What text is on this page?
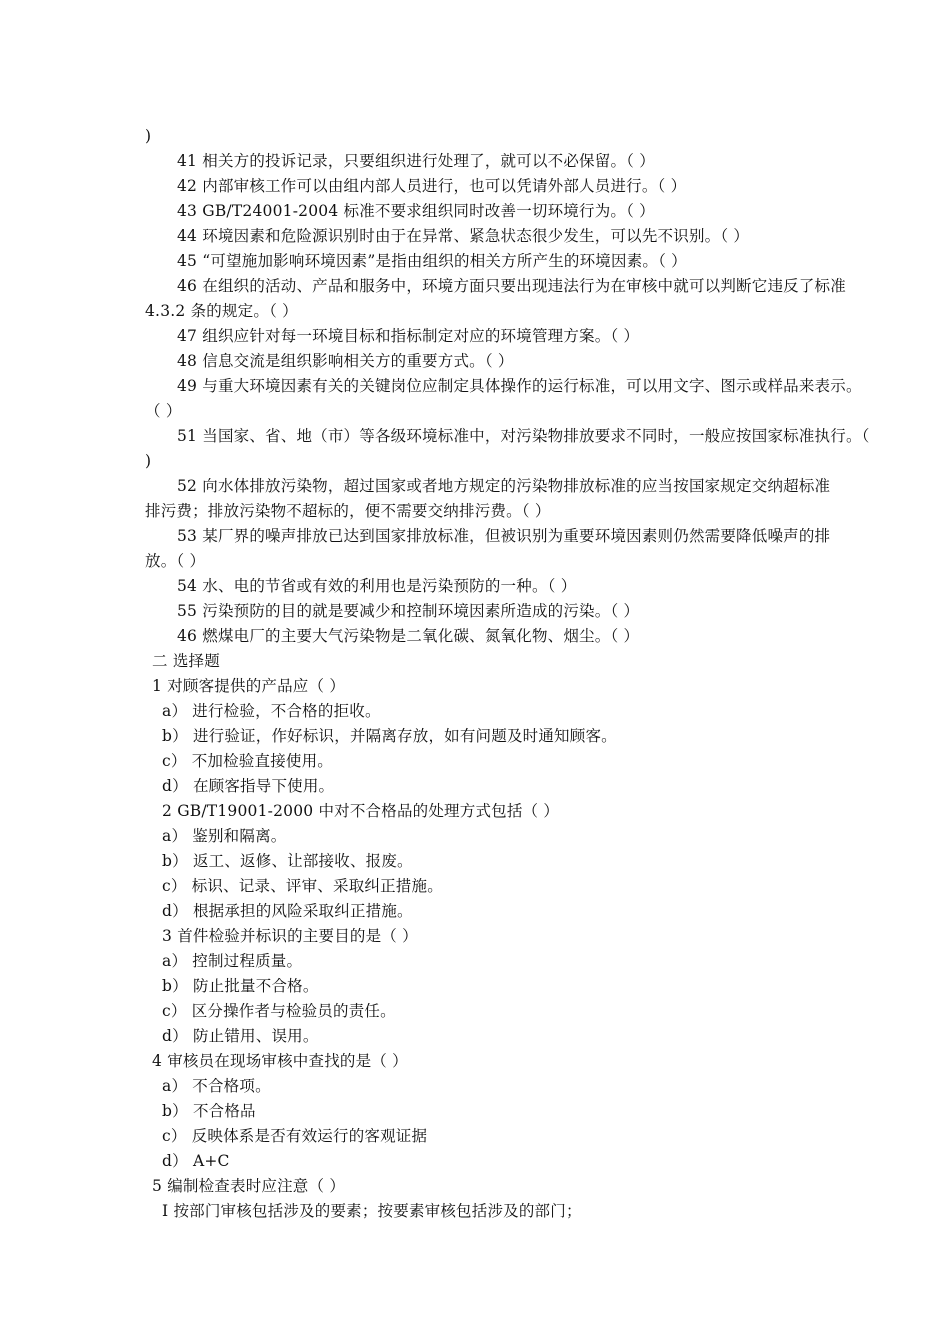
)
41 相关方的投诉记录，只要组织进行处理了，就可以不必保留。（ ）
42 内部审核工作可以由组内部人员进行，也可以凭请外部人员进行。（ ）
43 GB/T24001-2004 标准不要求组织同时改善一切环境行为。（ ）
44 环境因素和危险源识别时由于在异常、紧急状态很少发生，可以先不识别。（ ）
45 “可望施加影响环境因素”是指由组织的相关方所产生的环境因素。（ ）
46 在组织的活动、产品和服务中，环境方面只要出现违法行为在审核中就可以判断它违反了标准
4.3.2 条的规定。（ ）
47 组织应针对每一环境目标和指标制定对应的环境管理方案。（ ）
48 信息交流是组织影响相关方的重要方式。（ ）
49 与重大环境因素有关的关键岗位应制定具体操作的运行标准，可以用文字、图示或样品来表示。
（ ）
51 当国家、省、地（市）等各级环境标准中，对污染物排放要求不同时，一般应按国家标准执行。（
)
52 向水体排放污染物，超过国家或者地方规定的污染物排放标准的应当按国家规定交纳超标准
排污费；排放污染物不超标的，便不需要交纳排污费。（ ）
53 某厂界的噪声排放已达到国家排放标准，但被识别为重要环境因素则仍然需要降低噪声的排
放。（ ）
54 水、电的节省或有效的利用也是污染预防的一种。（ ）
55 污染预防的目的就是要减少和控制环境因素所造成的污染。（ ）
46 燃煤电厂的主要大气污染物是二氧化碳、氮氧化物、烟尘。（ ）
二 选择题
1 对顾客提供的产品应（ ）
a） 进行检验，不合格的拒收。
b） 进行验证，作好标识，并隔离存放，如有问题及时通知顾客。
c） 不加检验直接使用。
d） 在顾客指导下使用。
2 GB/T19001-2000 中对不合格品的处理方式包括（ ）
a） 鉴别和隔离。
b） 返工、返修、让部接收、报废。
c） 标识、记录、评审、采取纠正措施。
d） 根据承担的风险采取纠正措施。
3 首件检验并标识的主要目的是（ ）
a） 控制过程质量。
b） 防止批量不合格。
c） 区分操作者与检验员的责任。
d） 防止错用、误用。
4 审核员在现场审核中查找的是（ ）
a） 不合格项。
b） 不合格品
c） 反映体系是否有效运行的客观证据
d） A+C
5 编制检查表时应注意（ ）
Ⅰ 按部门审核包括涉及的要素；按要素审核包括涉及的部门；
